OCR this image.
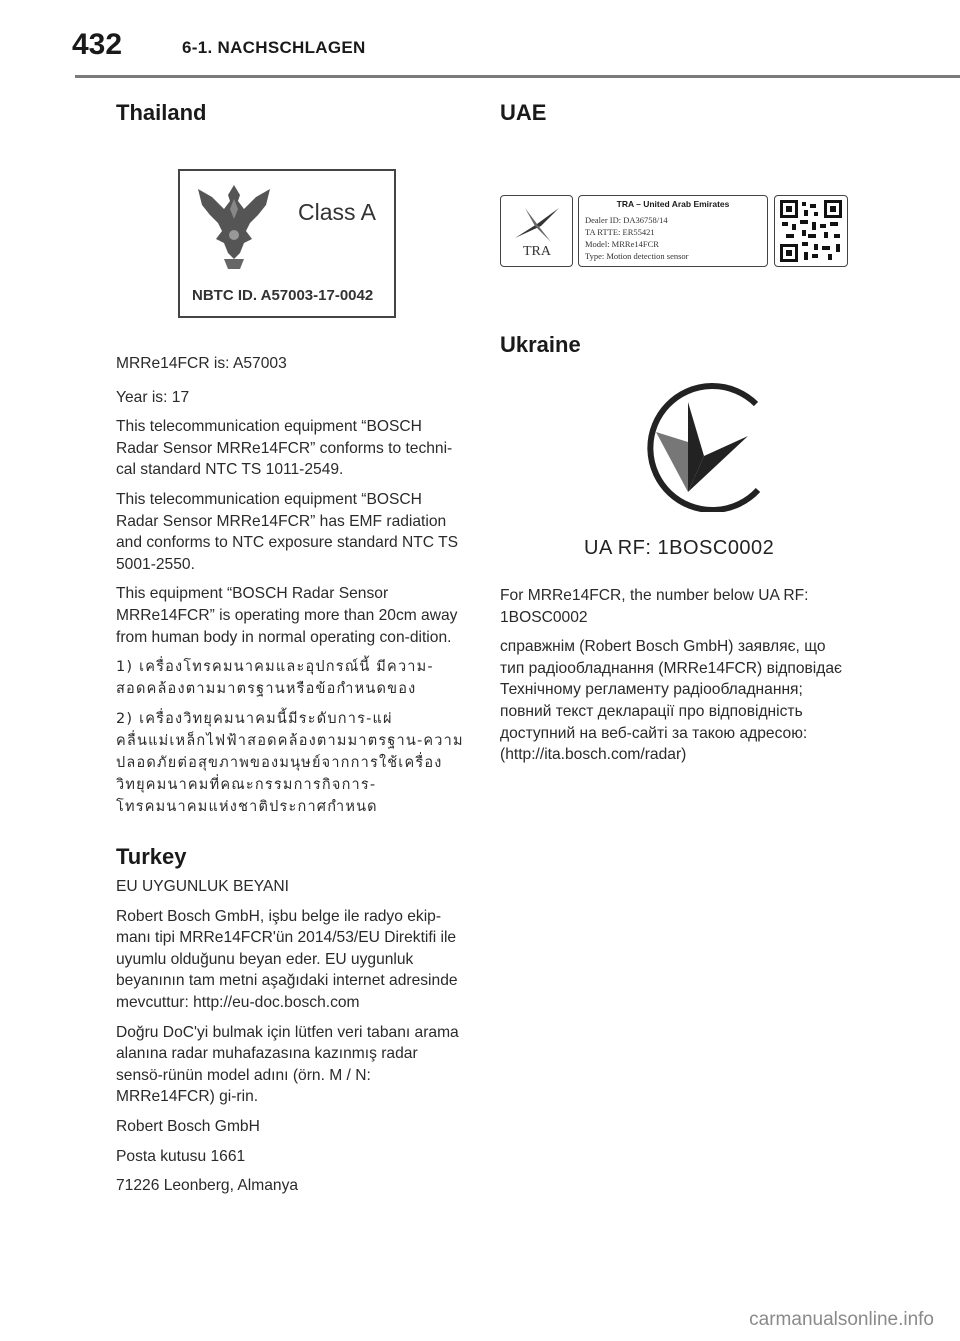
432	6-1. NACHSCHLAGEN
Thailand
Class A
NBTC ID. A57003-17-0042

MRRe14FCR is: A57003

Year is: 17

This telecommunication equipment “BOSCH Radar Sensor MRRe14FCR” conforms to techni-cal standard NTC TS 1011-2549.

This telecommunication equipment “BOSCH Radar Sensor MRRe14FCR” has EMF radiation and conforms to NTC exposure standard NTC TS 5001-2550.

This equipment “BOSCH Radar Sensor MRRe14FCR” is operating more than 20cm away from human body in normal operating con-dition.

1) เครื่องโทรคมนาคมและอุปกรณ์นี้ มีความ-สอดคล้องตามมาตรฐานหรือข้อกำหนดของ

2) เครื่องวิทยุคมนาคมนี้มีระดับการ-แผ่คลื่นแม่เหล็กไฟฟ้าสอดคล้องตามมาตรฐาน-ความปลอดภัยต่อสุขภาพของมนุษย์จากการใช้เครื่องวิทยุคมนาคมที่คณะกรรมการกิจการ-โทรคมนาคมแห่งชาติประกาศกำหนด

Turkey

EU UYGUNLUK BEYANI

Robert Bosch GmbH, işbu belge ile radyo ekip-manı tipi MRRe14FCR'ün 2014/53/EU Direktifi ile uyumlu olduğunu beyan eder. EU uygunluk beyanının tam metni aşağıdaki internet adresinde mevcuttur: http://eu-doc.bosch.com

Doğru DoC'yi bulmak için lütfen veri tabanı arama alanına radar muhafazasına kazınmış radar sensö-rünün model adını (örn. M / N: MRRe14FCR) gi-rin.

Robert Bosch GmbH

Posta kutusu 1661

71226 Leonberg, Almanya

UAE
TRA
TRA – United Arab Emirates
Dealer ID: DA36758/14
TA RTTE: ER55421
Model: MRRe14FCR
Type: Motion detection sensor
Ukraine
UA RF: 1BOSC0002

For MRRe14FCR, the number below UA RF: 1BOSC0002

справжнім (Robert Bosch GmbH) заявляє, що тип радіообладнання (MRRe14FCR) відповідає Технічному регламенту радіообладнання; повний текст декларації про відповідність доступний на веб-сайті за такою адресою: (http://ita.bosch.com/radar)

carmanualsonline.info
